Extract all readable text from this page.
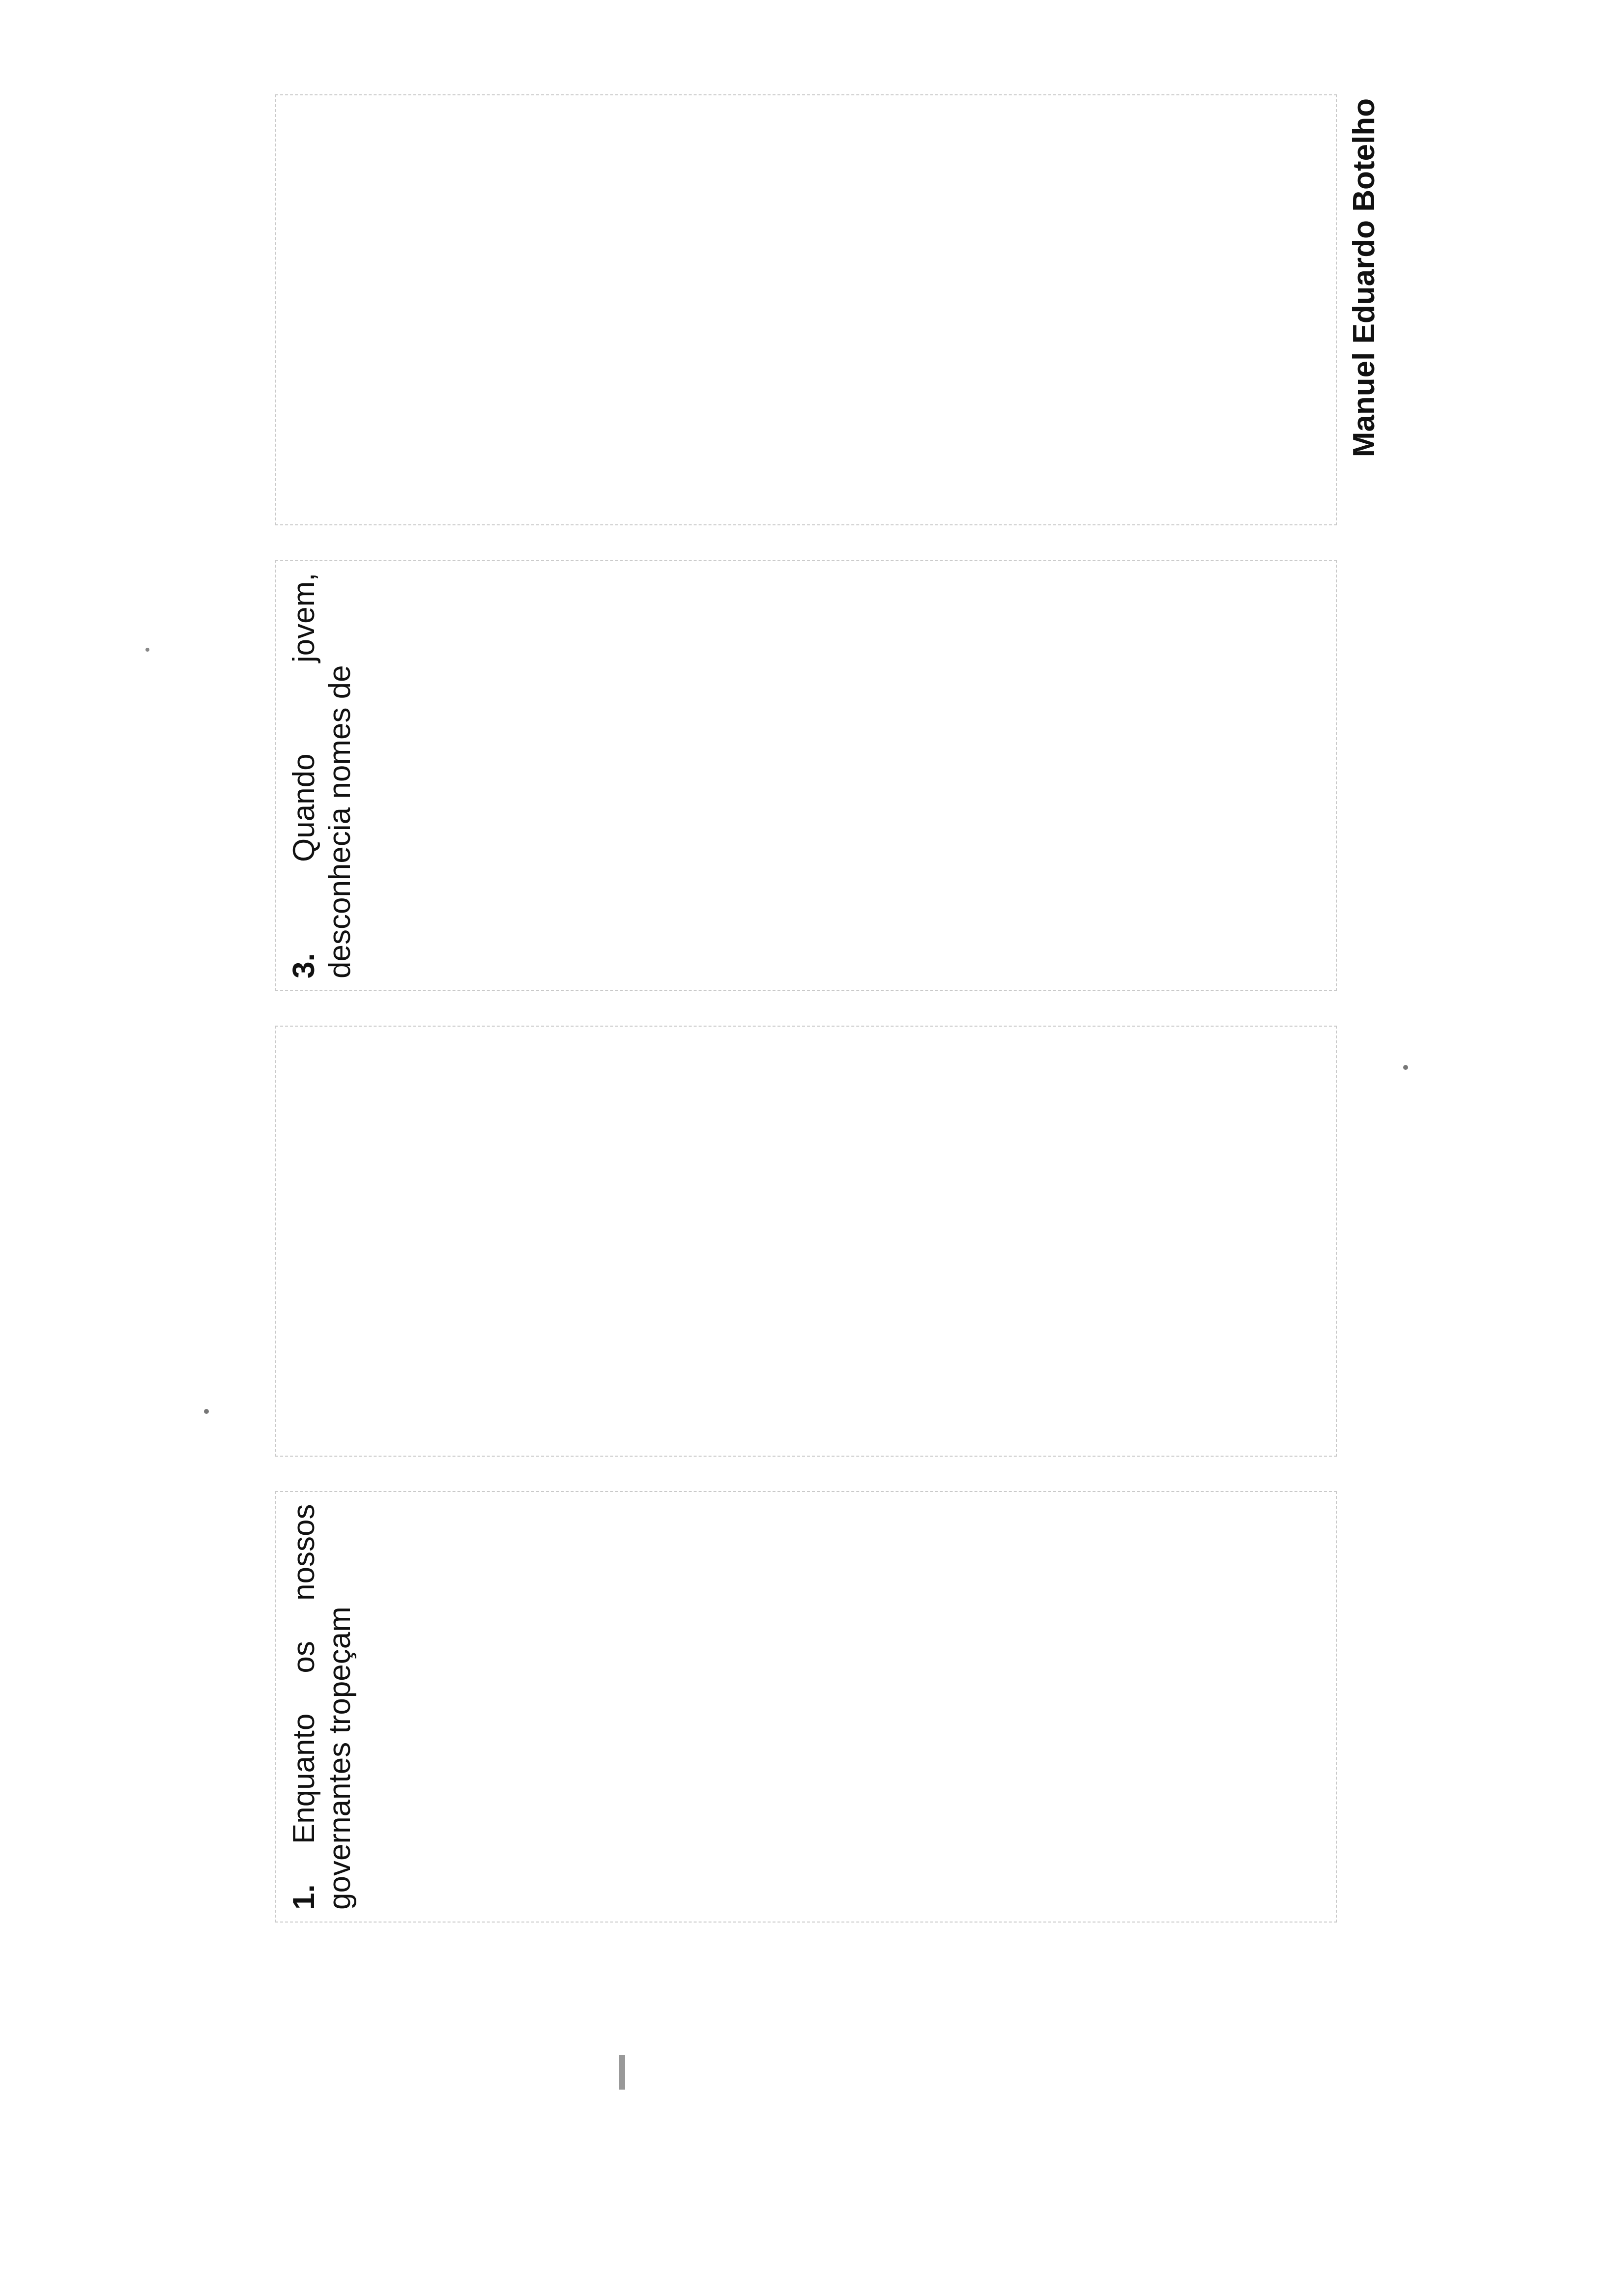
1. Enquanto os nossos governantes tropeçam

3. Quando jovem, desconhecia nomes de

Manuel Eduardo Botelho
